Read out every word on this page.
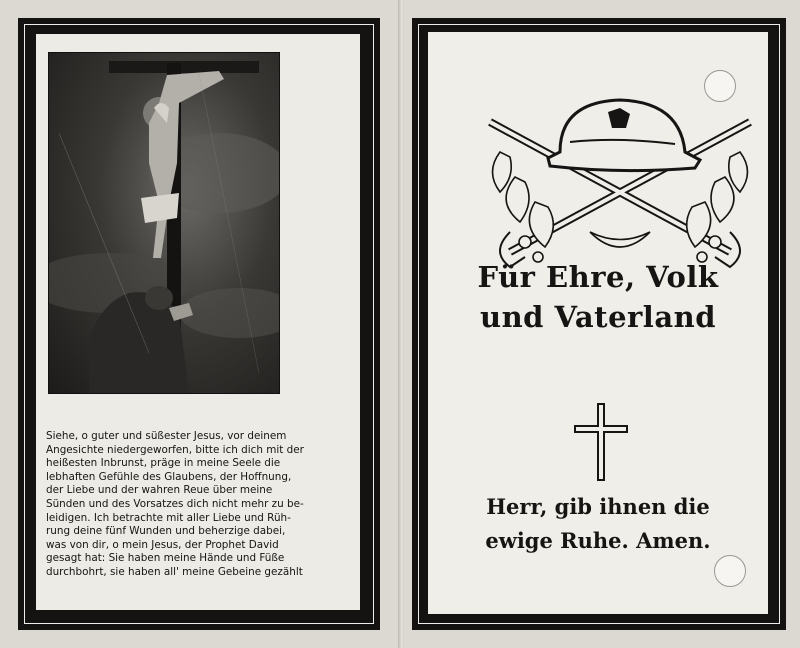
Siehe, o guter und süßester Jesus, vor deinem
Angesichte niedergeworfen, bitte ich dich mit der
heißesten Inbrunst, präge in meine Seele die
lebhaften Gefühle des Glaubens, der Hoffnung,
der Liebe und der wahren Reue über meine
Sünden und des Vorsatzes dich nicht mehr zu be-
leidigen. Ich betrachte mit aller Liebe und Rüh-
rung deine fünf Wunden und beherzige dabei,
was von dir, o mein Jesus, der Prophet David
gesagt hat: Sie haben meine Hände und Füße
durchbohrt, sie haben all' meine Gebeine gezählt
Für Ehre, Volk
und Vaterland
Herr, gib ihnen die
ewige Ruhe. Amen.
